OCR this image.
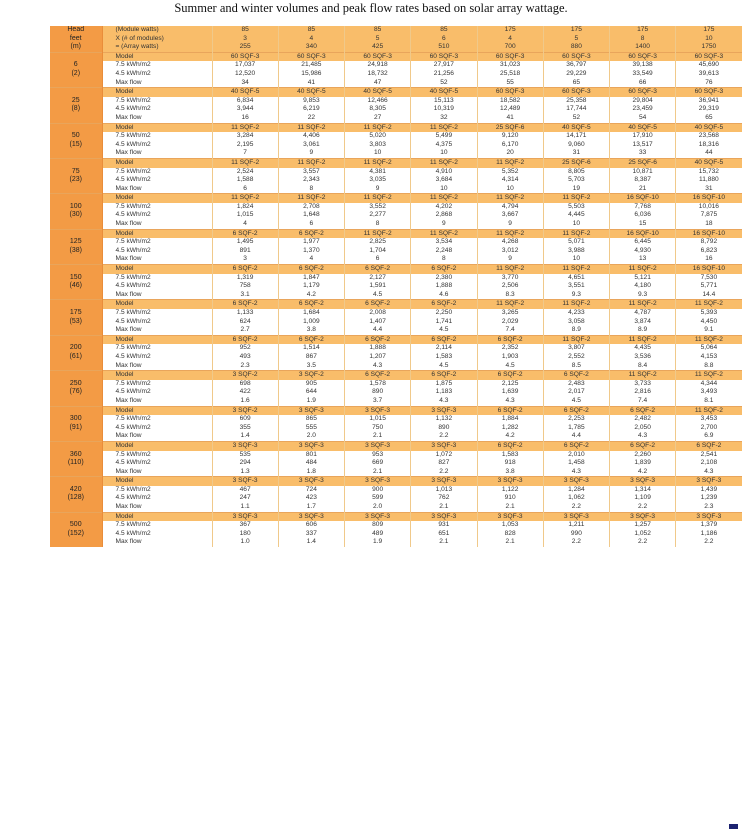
Summer and winter volumes and peak flow rates based on solar array wattage.
Head
feet
(m)	(Module watts)	85	85	85	85	175	175	175	175
	X (# of modules)	3	4	5	6	4	5	8	10
	= (Array watts)	255	340	425	510	700	880	1400	1750

6
(2)	Model	60 SQF-3	60 SQF-3	60 SQF-3	60 SQF-3	60 SQF-3	60 SQF-3	60 SQF-3	60 SQF-3
	7.5 kWh/m2	17,037	21,485	24,918	27,917	31,023	36,797	39,138	45,690
	4.5 kWh/m2	12,520	15,986	18,732	21,256	25,518	29,229	33,549	39,613
	Max flow	34	41	47	52	55	65	66	76

25
(8)	Model	40 SQF-5	40 SQF-5	40 SQF-5	40 SQF-5	60 SQF-3	60 SQF-3	60 SQF-3	60 SQF-3
	7.5 kWh/m2	6,834	9,853	12,466	15,113	18,582	25,358	29,804	36,941
	4.5 kWh/m2	3,944	6,219	8,305	10,319	12,489	17,744	23,459	29,319
	Max flow	16	22	27	32	41	52	54	65

50
(15)	Model	11 SQF-2	11 SQF-2	11 SQF-2	11 SQF-2	25 SQF-6	40 SQF-5	40 SQF-5	40 SQF-5
	7.5 kWh/m2	3,284	4,406	5,020	5,499	9,120	14,171	17,910	23,568
	4.5 kWh/m2	2,195	3,061	3,803	4,375	6,170	9,060	13,517	18,316
	Max flow	7	9	10	10	20	31	33	44

75
(23)	Model	11 SQF-2	11 SQF-2	11 SQF-2	11 SQF-2	11 SQF-2	25 SQF-6	25 SQF-6	40 SQF-5
	7.5 kWh/m2	2,524	3,557	4,381	4,910	5,352	8,805	10,871	15,732
	4.5 kWh/m2	1,588	2,343	3,035	3,684	4,314	5,703	8,387	11,880
	Max flow	6	8	9	10	10	19	21	31

100
(30)	Model	11 SQF-2	11 SQF-2	11 SQF-2	11 SQF-2	11 SQF-2	11 SQF-2	16 SQF-10	16 SQF-10
	7.5 kWh/m2	1,824	2,708	3,552	4,202	4,794	5,503	7,768	10,016
	4.5 kWh/m2	1,015	1,648	2,277	2,868	3,667	4,445	6,036	7,875
	Max flow	4	6	8	9	9	10	15	18

125
(38)	Model	6 SQF-2	6 SQF-2	11 SQF-2	11 SQF-2	11 SQF-2	11 SQF-2	16 SQF-10	16 SQF-10
	7.5 kWh/m2	1,495	1,977	2,825	3,534	4,268	5,071	6,445	8,792
	4.5 kWh/m2	891	1,370	1,704	2,248	3,012	3,988	4,930	6,823
	Max flow	3	4	6	8	9	10	13	16

150
(46)	Model	6 SQF-2	6 SQF-2	6 SQF-2	6 SQF-2	11 SQF-2	11 SQF-2	11 SQF-2	16 SQF-10
	7.5 kWh/m2	1,319	1,847	2,127	2,380	3,770	4,651	5,121	7,530
	4.5 kWh/m2	758	1,179	1,591	1,888	2,506	3,551	4,180	5,771
	Max flow	3.1	4.2	4.5	4.6	8.3	9.3	9.3	14.4

175
(53)	Model	6 SQF-2	6 SQF-2	6 SQF-2	6 SQF-2	11 SQF-2	11 SQF-2	11 SQF-2	11 SQF-2
	7.5 kWh/m2	1,133	1,684	2,008	2,250	3,265	4,233	4,787	5,393
	4.5 kWh/m2	624	1,009	1,407	1,741	2,029	3,058	3,874	4,450
	Max flow	2.7	3.8	4.4	4.5	7.4	8.9	8.9	9.1

200
(61)	Model	6 SQF-2	6 SQF-2	6 SQF-2	6 SQF-2	6 SQF-2	11 SQF-2	11 SQF-2	11 SQF-2
	7.5 kWh/m2	952	1,514	1,888	2,114	2,352	3,807	4,435	5,064
	4.5 kWh/m2	493	867	1,207	1,583	1,903	2,552	3,536	4,153
	Max flow	2.3	3.5	4.3	4.5	4.5	8.5	8.4	8.8

250
(76)	Model	3 SQF-2	3 SQF-2	6 SQF-2	6 SQF-2	6 SQF-2	6 SQF-2	11 SQF-2	11 SQF-2
	7.5 kWh/m2	698	905	1,578	1,875	2,125	2,483	3,733	4,344
	4.5 kWh/m2	422	644	890	1,183	1,639	2,017	2,816	3,493
	Max flow	1.6	1.9	3.7	4.3	4.3	4.5	7.4	8.1

300
(91)	Model	3 SQF-2	3 SQF-3	3 SQF-3	3 SQF-3	6 SQF-2	6 SQF-2	6 SQF-2	11 SQF-2
	7.5 kWh/m2	609	865	1,015	1,132	1,884	2,253	2,482	3,453
	4.5 kWh/m2	355	555	750	890	1,282	1,785	2,050	2,700
	Max flow	1.4	2.0	2.1	2.2	4.2	4.4	4.3	6.9

360
(110)	Model	3 SQF-3	3 SQF-3	3 SQF-3	3 SQF-3	6 SQF-2	6 SQF-2	6 SQF-2	6 SQF-2
	7.5 kWh/m2	535	801	953	1,072	1,583	2,010	2,260	2,541
	4.5 kWh/m2	294	484	669	827	918	1,458	1,839	2,108
	Max flow	1.3	1.8	2.1	2.2	3.8	4.3	4.2	4.3

420
(128)	Model	3 SQF-3	3 SQF-3	3 SQF-3	3 SQF-3	3 SQF-3	3 SQF-3	3 SQF-3	3 SQF-3
	7.5 kWh/m2	467	724	900	1,013	1,122	1,284	1,314	1,439
	4.5 kWh/m2	247	423	599	762	910	1,062	1,109	1,239
	Max flow	1.1	1.7	2.0	2.1	2.1	2.2	2.2	2.3

500
(152)	Model	3 SQF-3	3 SQF-3	3 SQF-3	3 SQF-3	3 SQF-3	3 SQF-3	3 SQF-3	3 SQF-3
	7.5 kWh/m2	367	606	809	931	1,053	1,211	1,257	1,379
	4.5 kWh/m2	180	337	489	651	828	990	1,052	1,186
	Max flow	1.0	1.4	1.9	2.1	2.1	2.2	2.2	2.2
